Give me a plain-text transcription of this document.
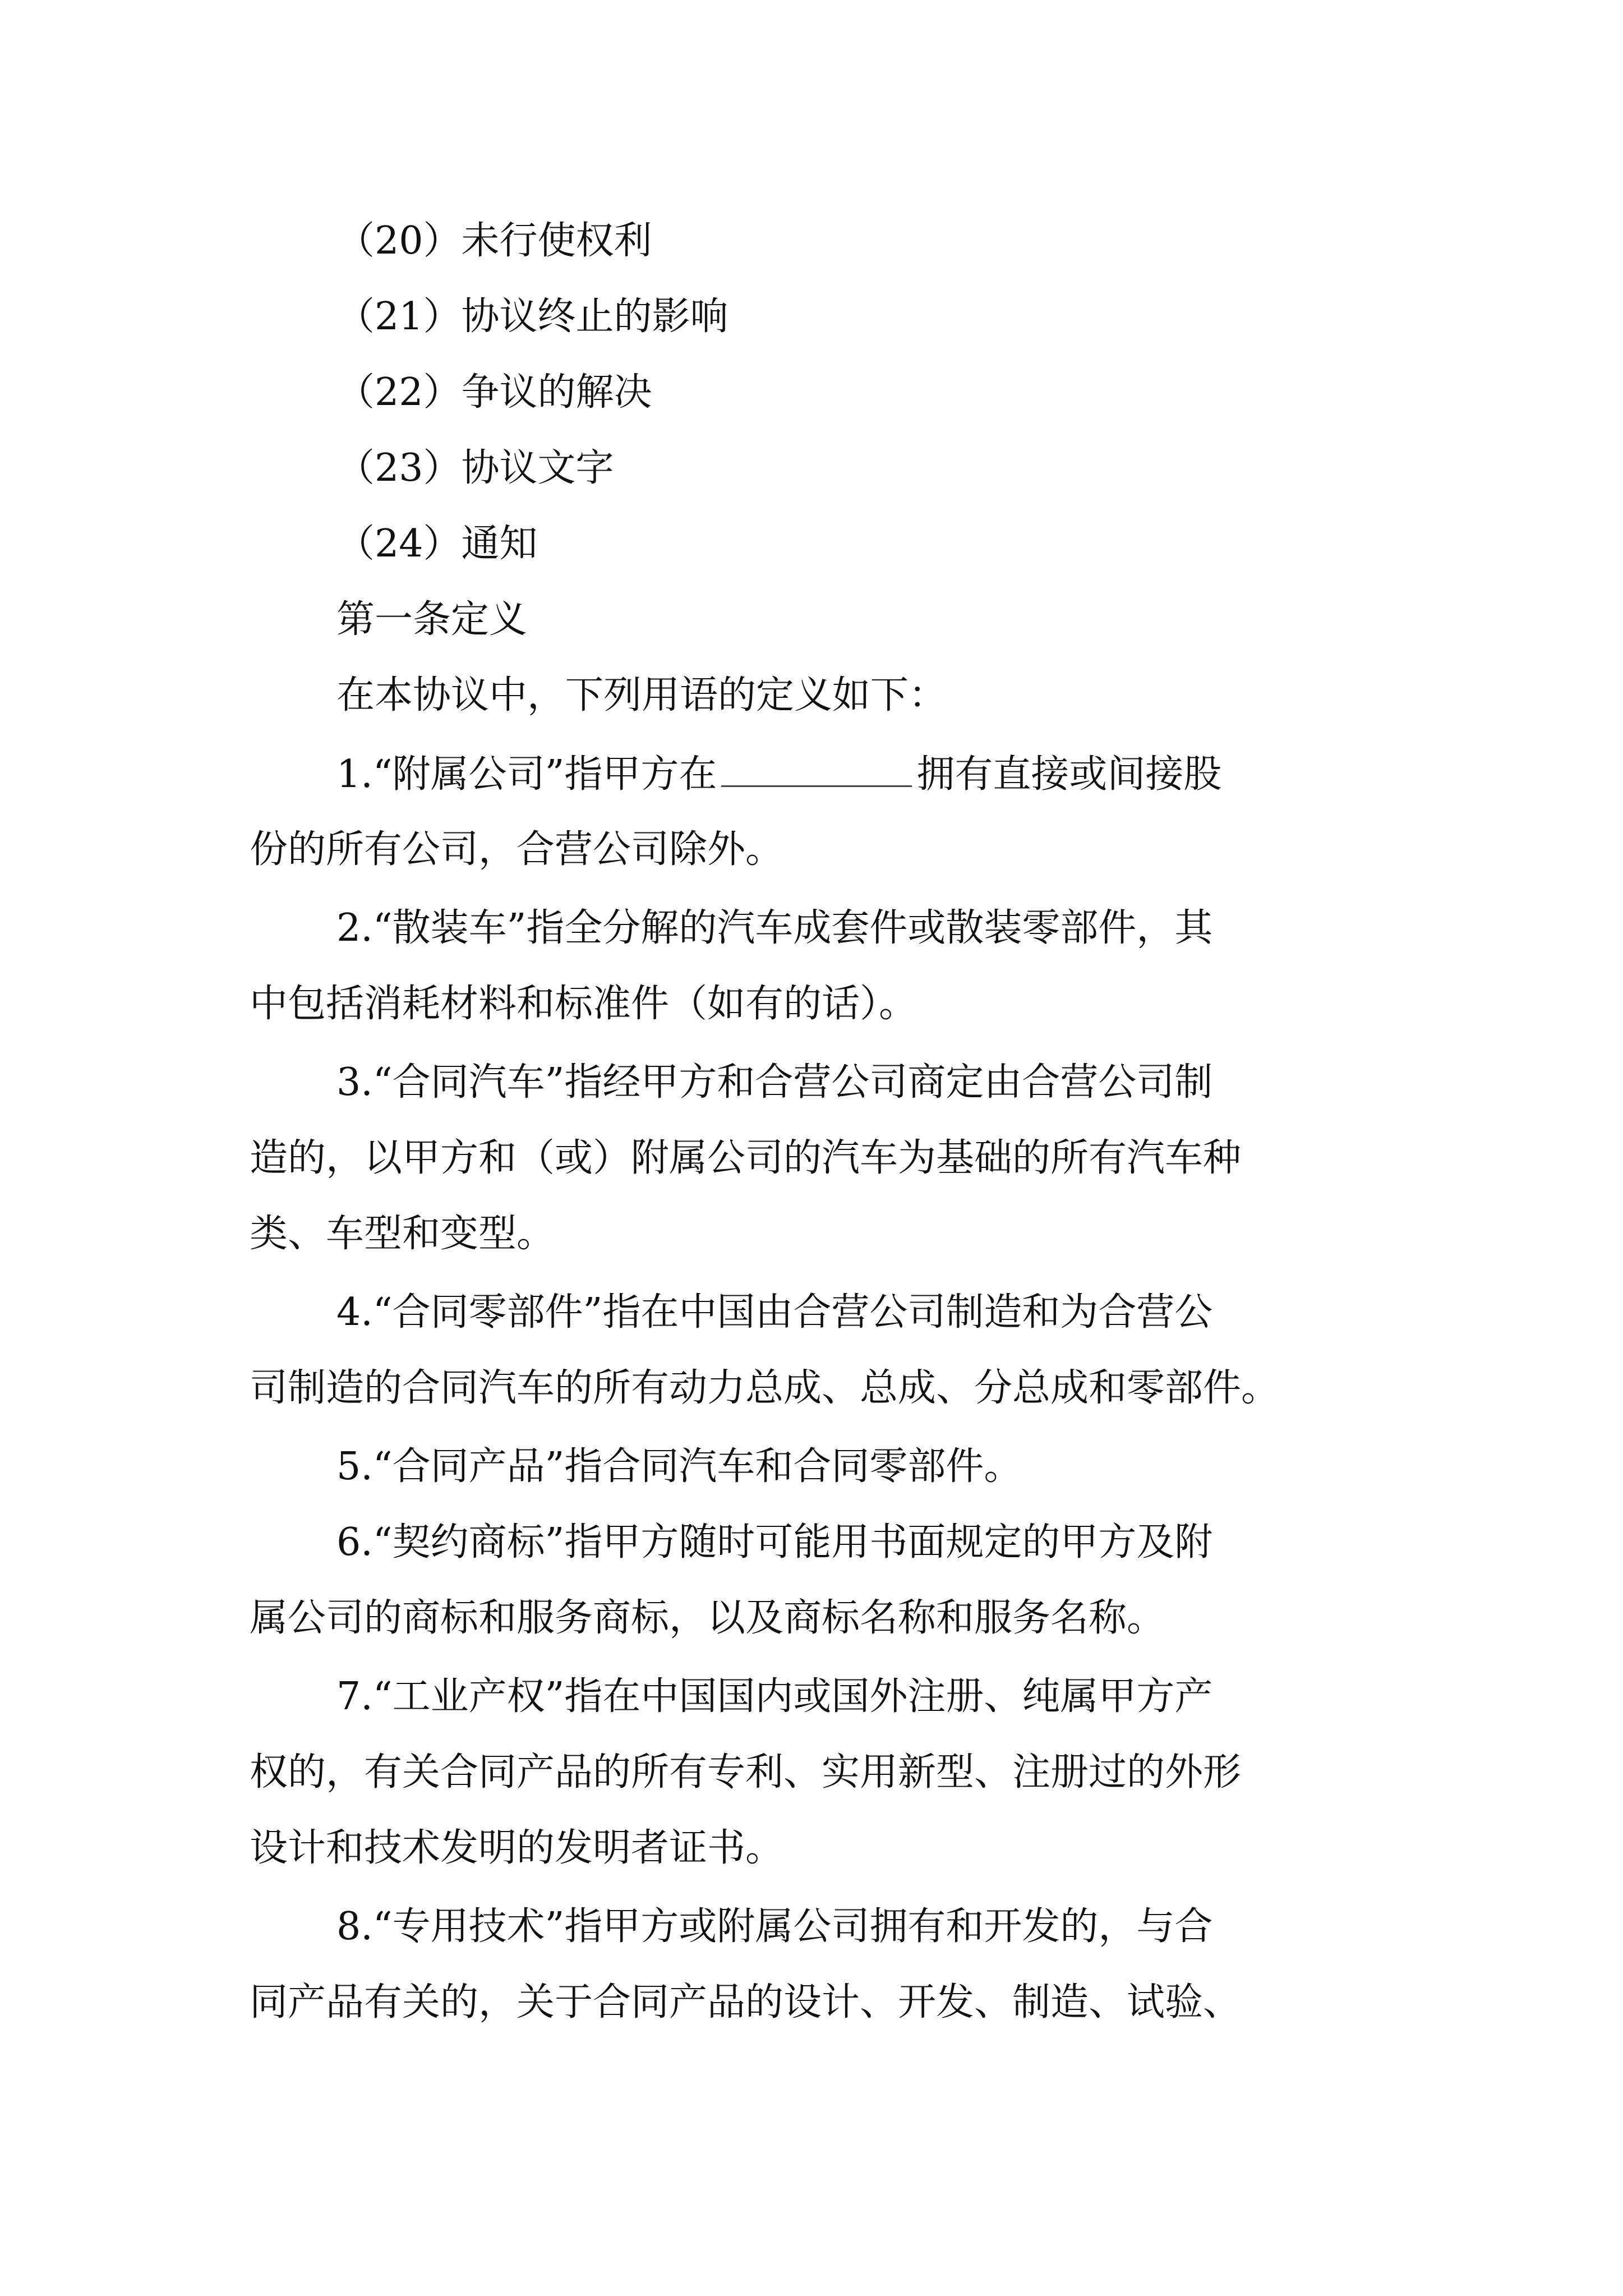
（20）未行使权利
（21）协议终止的影响
（22）争议的解决
（23）协议文字
（24）通知
第一条定义
在本协议中，下列用语的定义如下：
1.“附属公司”指甲方在	拥有直接或间接股
份的所有公司，合营公司除外。
2.“散装车”指全分解的汽车成套件或散装零部件，其
中包括消耗材料和标准件（如有的话）。
3.“合同汽车”指经甲方和合营公司商定由合营公司制
造的，以甲方和（或）附属公司的汽车为基础的所有汽车种
类、车型和变型。
4.“合同零部件”指在中国由合营公司制造和为合营公
司制造的合同汽车的所有动力总成、总成、分总成和零部件。
5.“合同产品”指合同汽车和合同零部件。
6.“契约商标”指甲方随时可能用书面规定的甲方及附
属公司的商标和服务商标，以及商标名称和服务名称。
7.“工业产权”指在中国国内或国外注册、纯属甲方产
权的，有关合同产品的所有专利、实用新型、注册过的外形
设计和技术发明的发明者证书。
8.“专用技术”指甲方或附属公司拥有和开发的，与合
同产品有关的，关于合同产品的设计、开发、制造、试验、
